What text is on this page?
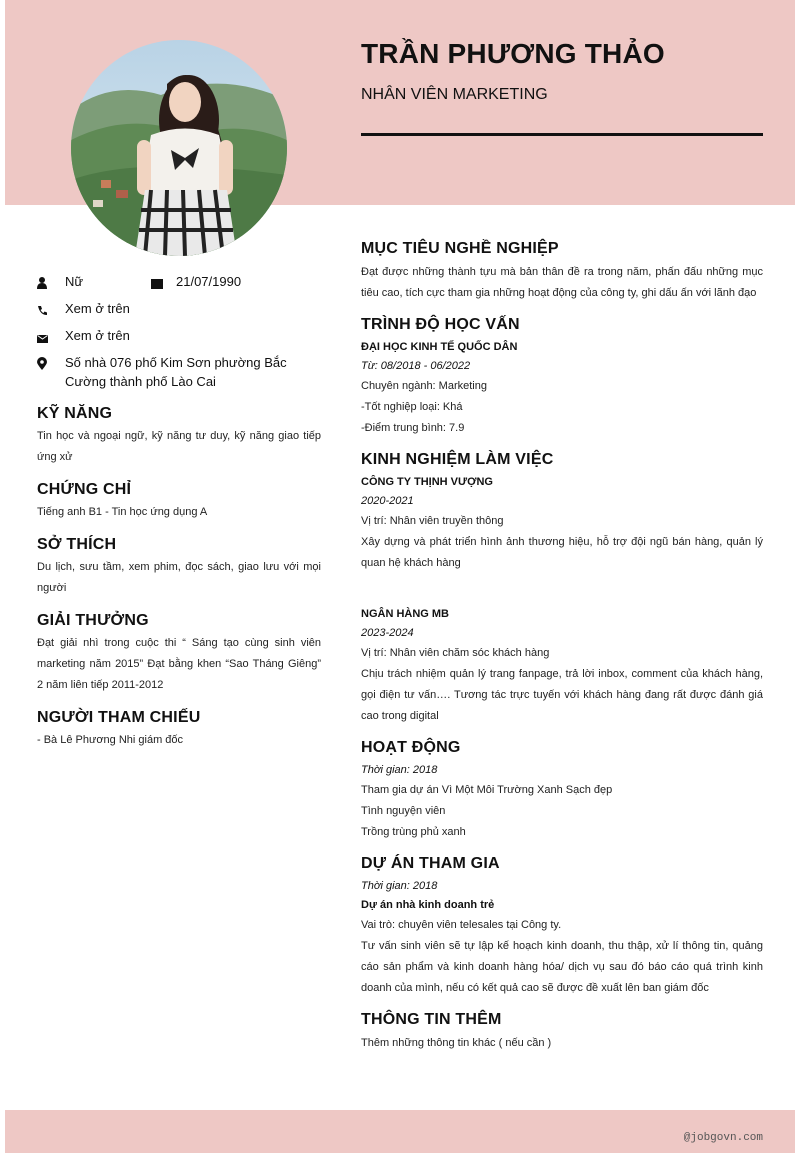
TRẦN PHƯƠNG THẢO
NHÂN VIÊN MARKETING
Nữ	21/07/1990
Xem ở trên
Xem ở trên
Số nhà 076 phố Kim Sơn phường Bắc Cường thành phố Lào Cai
KỸ NĂNG
Tin học và ngoại ngữ, kỹ năng tư duy, kỹ năng giao tiếp ứng xử
CHỨNG CHỈ
Tiếng anh B1 - Tin học ứng dụng A
SỞ THÍCH
Du lịch, sưu tầm, xem phim, đọc sách, giao lưu với mọi người
GIẢI THƯỞNG
Đạt giải nhì trong cuộc thi “ Sáng tạo cùng sinh viên marketing năm 2015” Đạt bằng khen “Sao Tháng Giêng” 2 năm liên tiếp 2011-2012
NGƯỜI THAM CHIẾU
- Bà Lê Phương Nhi giám đốc
MỤC TIÊU NGHỀ NGHIỆP
Đạt được những thành tựu mà bản thân đề ra trong năm, phấn đấu những mục tiêu cao, tích cực tham gia những hoạt động của công ty, ghi dấu ấn với lãnh đạo
TRÌNH ĐỘ HỌC VẤN
ĐẠI HỌC KINH TẾ QUỐC DÂN
Từ: 08/2018 - 06/2022
Chuyên ngành: Marketing
-Tốt nghiệp loại: Khá
-Điểm trung bình: 7.9
KINH NGHIỆM LÀM VIỆC
CÔNG TY THỊNH VƯỢNG
2020-2021
Vị trí: Nhân viên truyền thông
Xây dựng và phát triển hình ảnh thương hiệu, hỗ trợ đội ngũ bán hàng, quản lý quan hệ khách hàng
NGÂN HÀNG MB
2023-2024
Vị trí: Nhân viên chăm sóc khách hàng
Chịu trách nhiệm quản lý trang fanpage, trả lời inbox, comment của khách hàng, gọi điện tư vấn…. Tương tác trực tuyến với khách hàng đang rất được đánh giá cao trong digital
HOẠT ĐỘNG
Thời gian: 2018
Tham gia dự án Vì Một Môi Trường Xanh Sạch đẹp
Tình nguyện viên
Trồng trùng phủ xanh
DỰ ÁN THAM GIA
Thời gian: 2018
Dự án nhà kinh doanh trẻ
Vai trò: chuyên viên telesales tại Công ty.
Tư vấn sinh viên sẽ tự lập kế hoạch kinh doanh, thu thập, xử lí thông tin, quảng cáo sản phẩm và kinh doanh hàng hóa/ dịch vụ sau đó báo cáo quá trình kinh doanh của mình, nếu có kết quả cao sẽ được đề xuất lên ban giám đốc
THÔNG TIN THÊM
Thêm những thông tin khác ( nếu cần )
@jobgovn.com
